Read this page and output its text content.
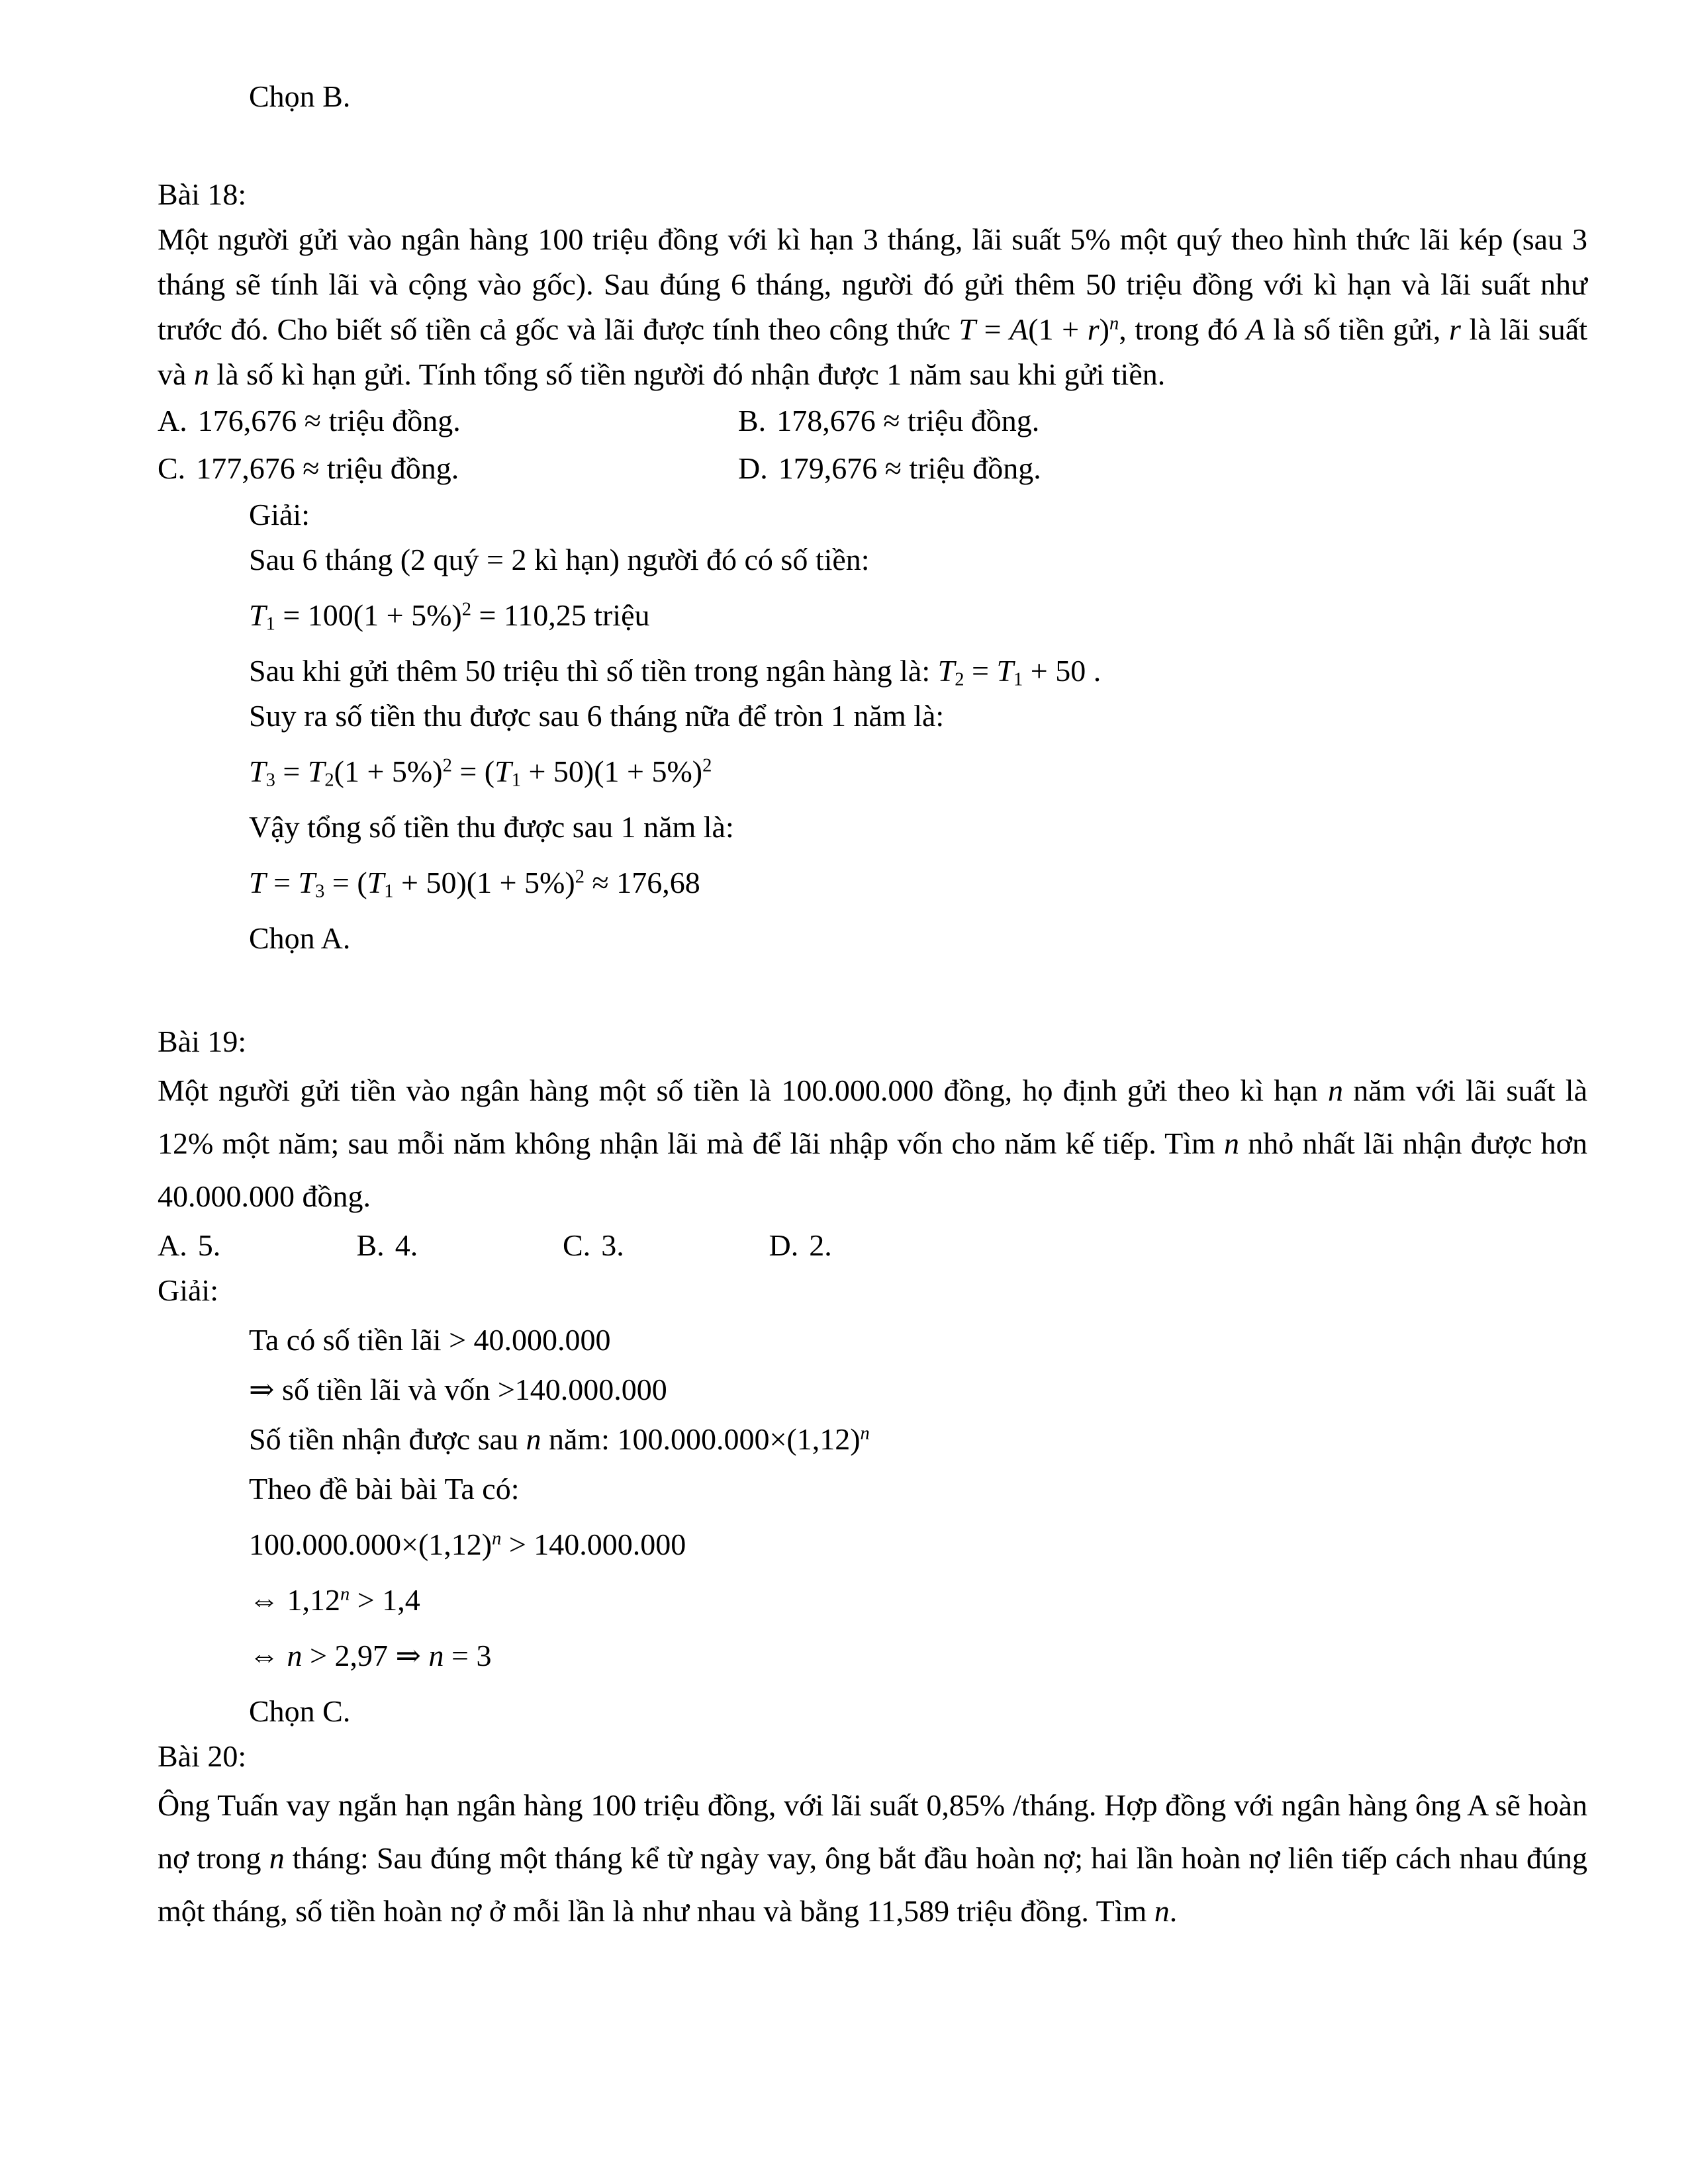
Chọn B.
Bài 18:

Một người gửi vào ngân hàng 100 triệu đồng với kì hạn 3 tháng, lãi suất 5% một quý theo hình thức lãi kép (sau 3 tháng sẽ tính lãi và cộng vào gốc). Sau đúng 6 tháng, người đó gửi thêm 50 triệu đồng với kì hạn và lãi suất như trước đó. Cho biết số tiền cả gốc và lãi được tính theo công thức $T = A(1 + r)^n$, trong đó A là số tiền gửi, r là lãi suất và n là số kì hạn gửi. Tính tổng số tiền người đó nhận được 1 năm sau khi gửi tiền.

A. 176,676 ≈ triệu đồng.	B. 178,676 ≈ triệu đồng.
C. 177,676 ≈ triệu đồng.	D. 179,676 ≈ triệu đồng.
Giải:
Sau 6 tháng (2 quý = 2 kì hạn) người đó có số tiền:
$T_1 = 100(1 + 5\%)^2 = 110,25$ triệu
Sau khi gửi thêm 50 triệu thì số tiền trong ngân hàng là: $T_2 = T_1 + 50$ .
Suy ra số tiền thu được sau 6 tháng nữa để tròn 1 năm là:
$T_3 = T_2(1 + 5\%)^2 = (T_1 + 50)(1 + 5\%)^2$
Vậy tổng số tiền thu được sau 1 năm là:
$T = T_3 = (T_1 + 50)(1 + 5\%)^2 \approx 176,68$
Chọn A.
Bài 19:

Một người gửi tiền vào ngân hàng một số tiền là 100.000.000 đồng, họ định gửi theo kì hạn n năm với lãi suất là 12% một năm; sau mỗi năm không nhận lãi mà để lãi nhập vốn cho năm kế tiếp. Tìm n nhỏ nhất lãi nhận được hơn 40.000.000 đồng.

A. 5.	B. 4.	C. 3.	D. 2.
Giải:
Ta có số tiền lãi > 40.000.000
⇒ số tiền lãi và vốn >140.000.000
Số tiền nhận được sau n năm: $100.000.000\times(1,12)^n$
Theo đề bài bài Ta có:
$100.000.000\times(1,12)^n > 140.000.000$
⇔ $1,12^n > 1,4$
⇔ n > 2,97 ⇒ n = 3
Chọn C.
Bài 20:

Ông Tuấn vay ngắn hạn ngân hàng 100 triệu đồng, với lãi suất 0,85% /tháng. Hợp đồng với ngân hàng ông A sẽ hoàn nợ trong n tháng: Sau đúng một tháng kể từ ngày vay, ông bắt đầu hoàn nợ; hai lần hoàn nợ liên tiếp cách nhau đúng một tháng, số tiền hoàn nợ ở mỗi lần là như nhau và bằng 11,589 triệu đồng. Tìm n.
